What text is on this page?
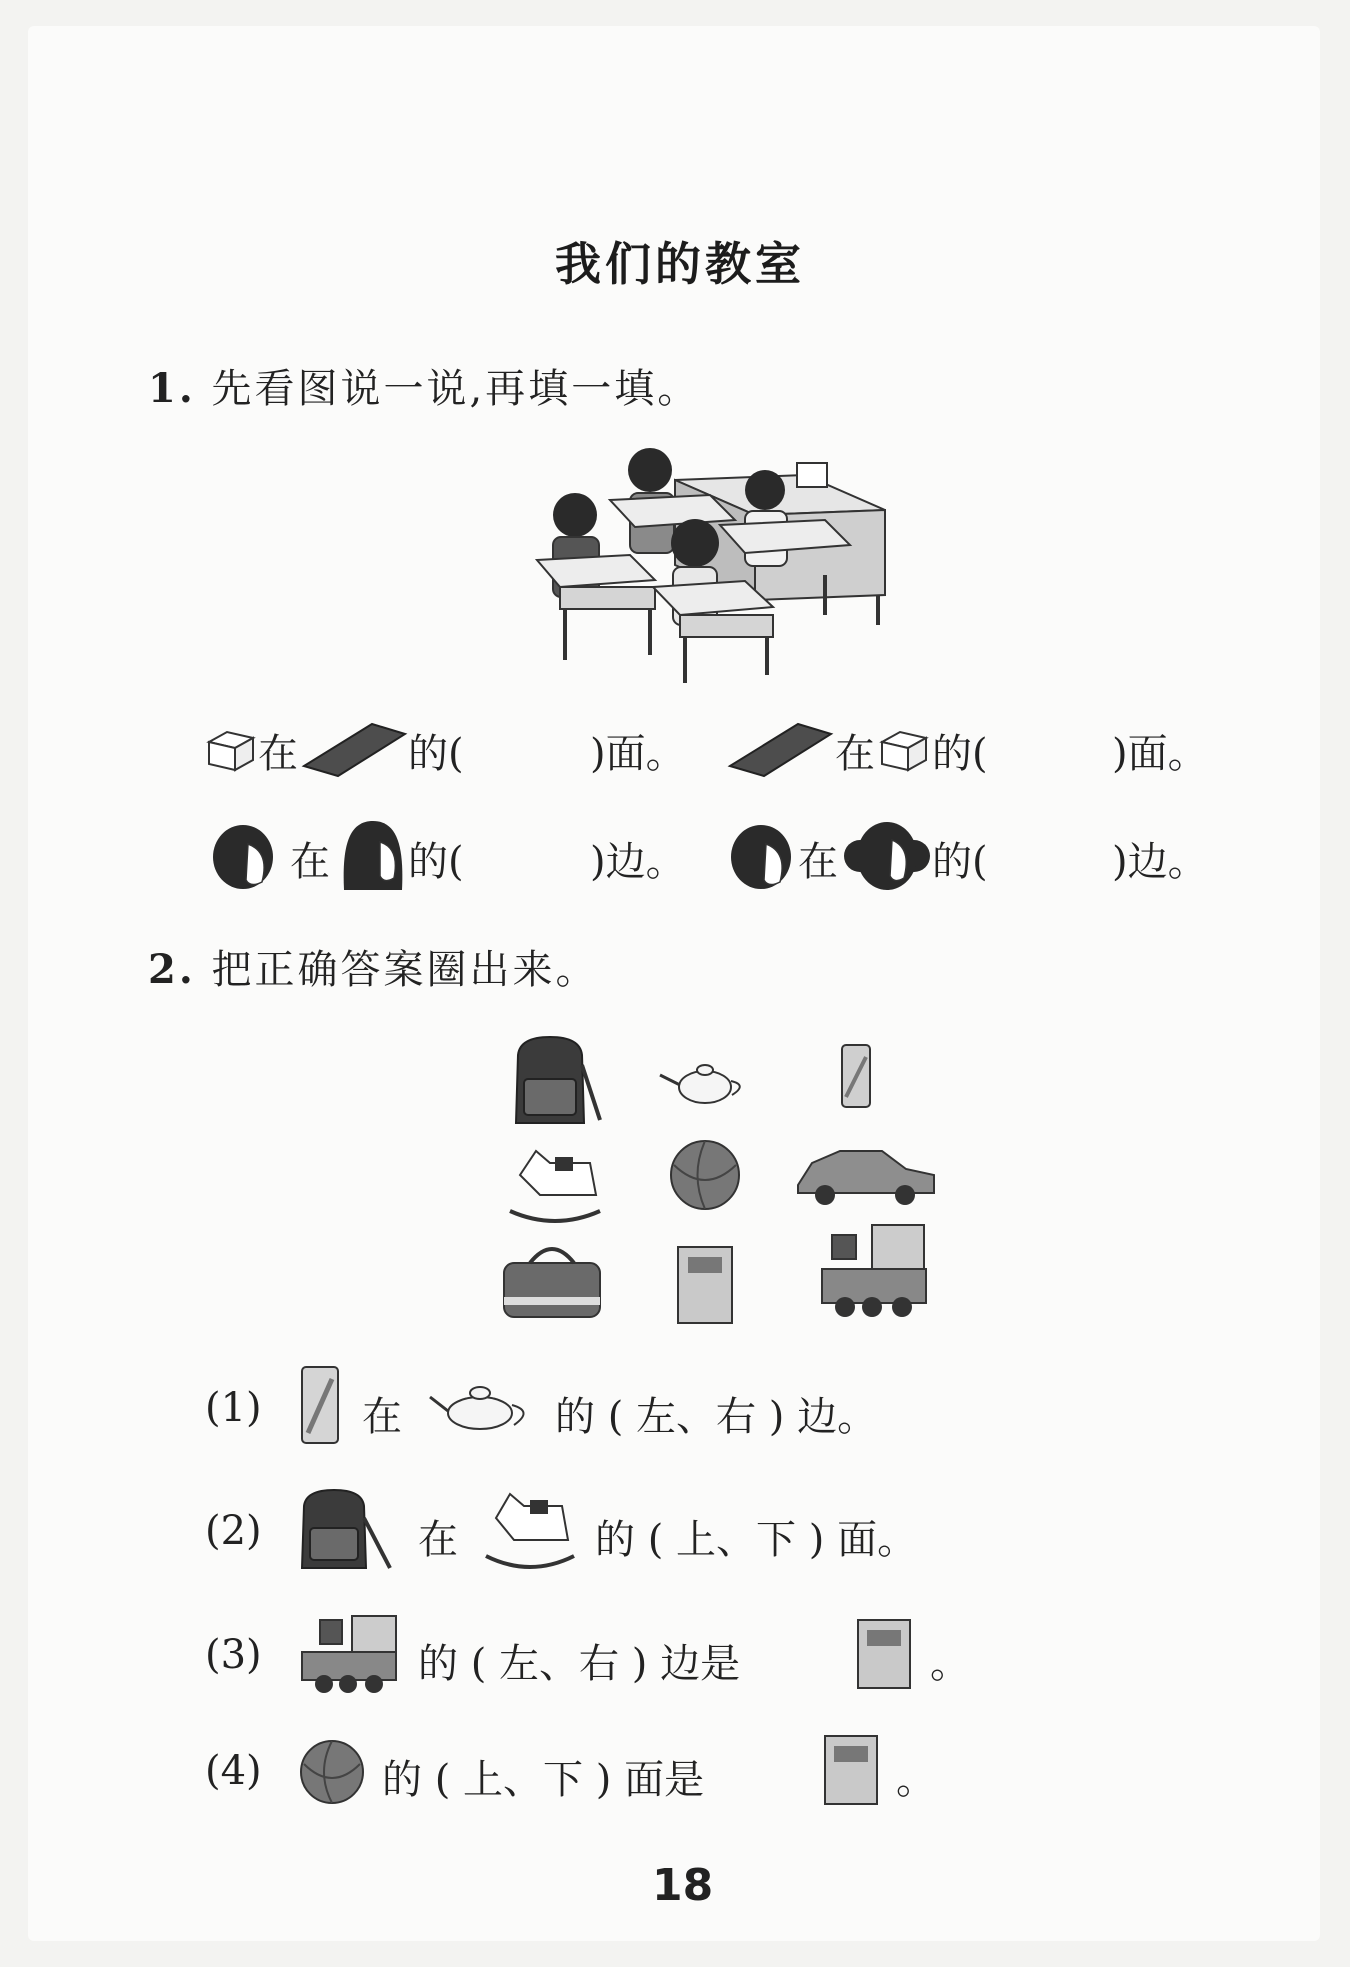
我们的教室
1. 先看图说一说,再填一填。
在	的(	)面。	在 的(	)面。
在 的(	)边。	在 的(	)边。
2. 把正确答案圈出来。
(1)	在	的 ( 左、右 ) 边。
(2)	在	的 ( 上、下 ) 面。
(3)	的 ( 左、右 ) 边是	。
(4)	的 ( 上、下 ) 面是	。
18
